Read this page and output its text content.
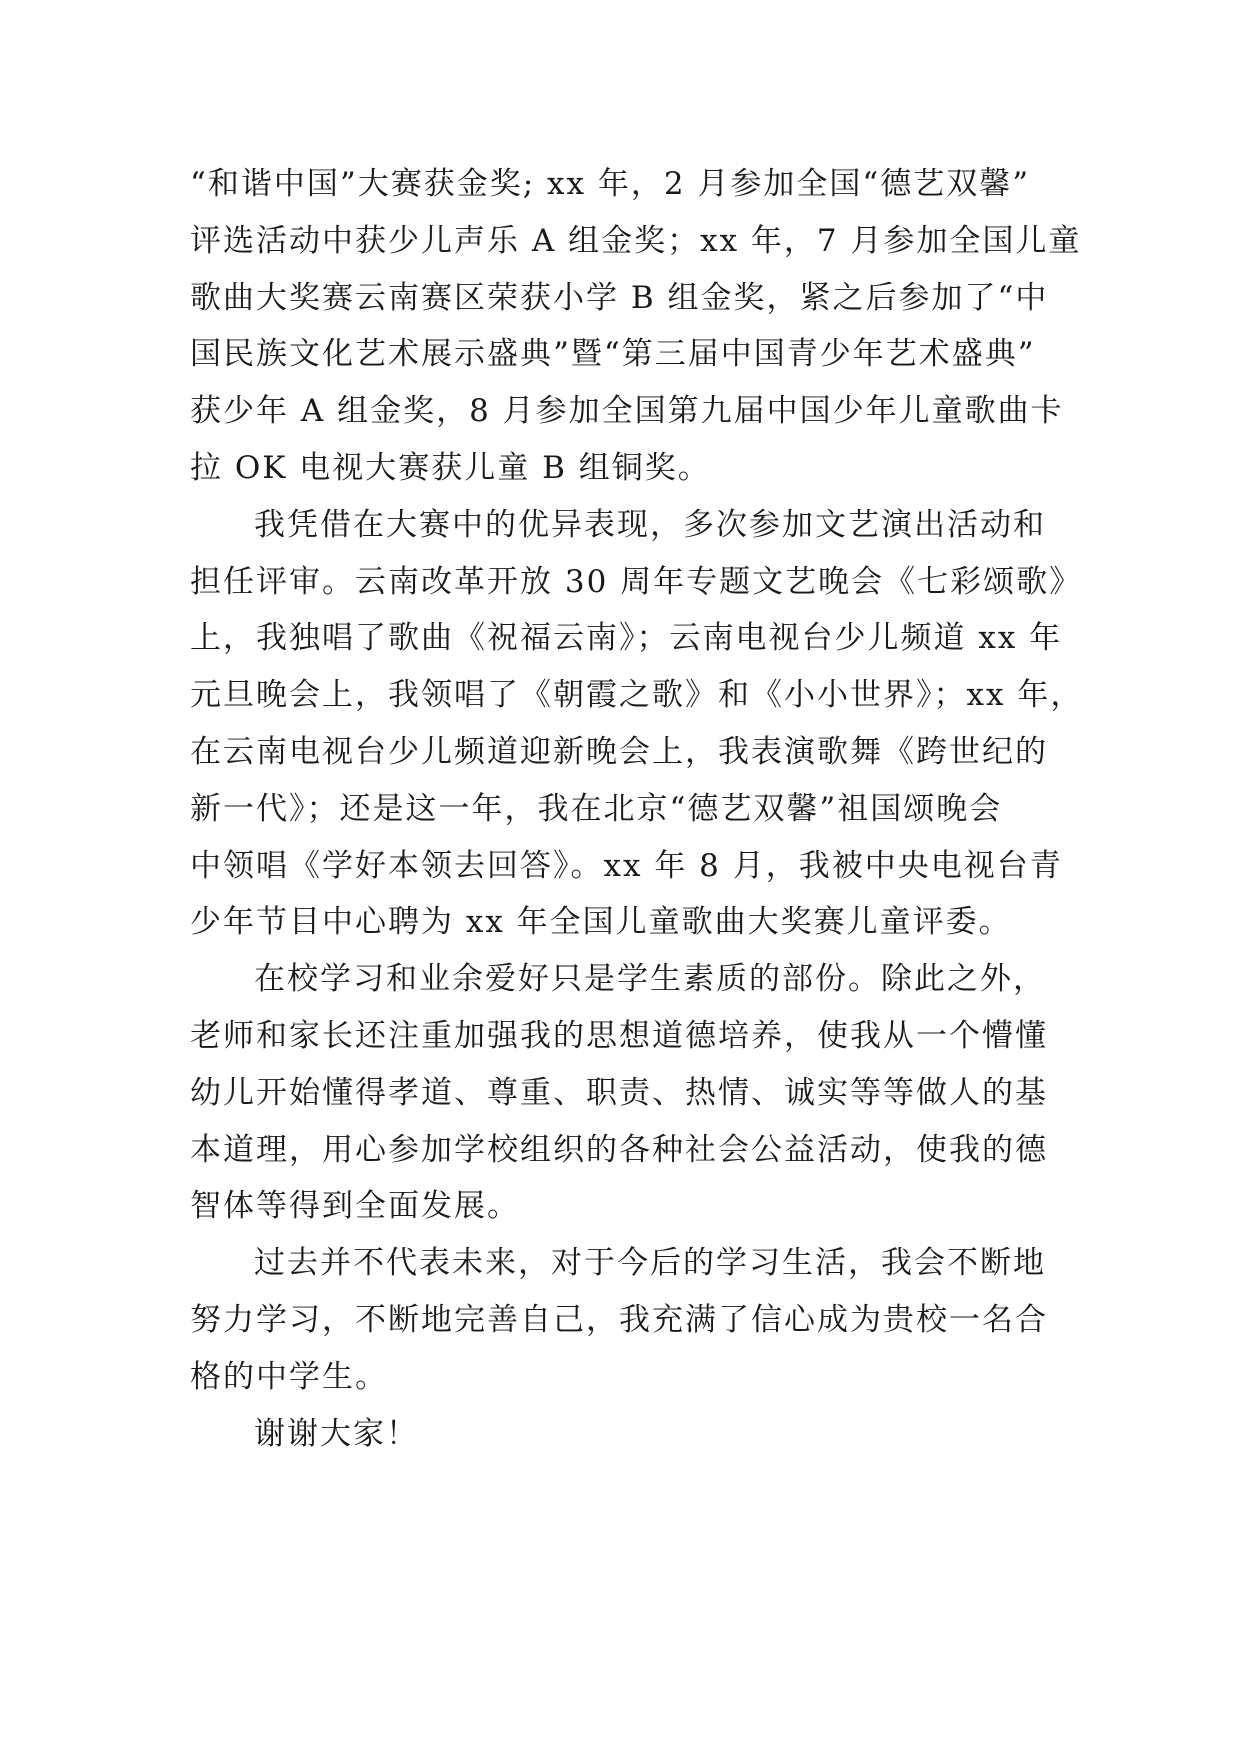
“和谐中国”大赛获金奖; xx 年，2 月参加全国“德艺双馨”
评选活动中获少儿声乐 A 组金奖；xx 年，7 月参加全国儿童
歌曲大奖赛云南赛区荣获小学 B 组金奖，紧之后参加了“中
国民族文化艺术展示盛典”暨“第三届中国青少年艺术盛典”
获少年 A 组金奖，8 月参加全国第九届中国少年儿童歌曲卡
拉 OK 电视大赛获儿童 B 组铜奖。
我凭借在大赛中的优异表现，多次参加文艺演出活动和
担任评审。云南改革开放 30 周年专题文艺晚会《七彩颂歌》
上，我独唱了歌曲《祝福云南》；云南电视台少儿频道 xx 年
元旦晚会上，我领唱了《朝霞之歌》和《小小世界》；xx 年，
在云南电视台少儿频道迎新晚会上，我表演歌舞《跨世纪的
新一代》；还是这一年，我在北京“德艺双馨”祖国颂晚会
中领唱《学好本领去回答》。xx 年 8 月，我被中央电视台青
少年节目中心聘为 xx 年全国儿童歌曲大奖赛儿童评委。
在校学习和业余爱好只是学生素质的部份。除此之外，
老师和家长还注重加强我的思想道德培养，使我从一个懵懂
幼儿开始懂得孝道、尊重、职责、热情、诚实等等做人的基
本道理，用心参加学校组织的各种社会公益活动，使我的德
智体等得到全面发展。
过去并不代表未来，对于今后的学习生活，我会不断地
努力学习，不断地完善自己，我充满了信心成为贵校一名合
格的中学生。
谢谢大家！
